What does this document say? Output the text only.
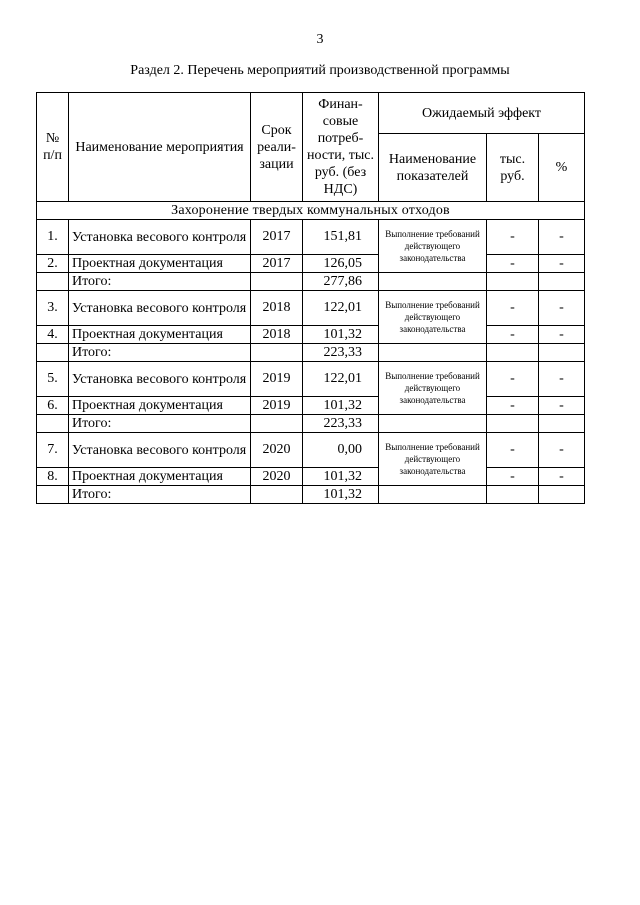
3
Раздел 2. Перечень мероприятий производственной программы
№ п/п	Наименование мероприятия	Срок реали-зации	Финан-совые потреб-ности, тыс. руб. (без НДС)	Ожидаемый эффект		
				Наименование показателей	тыс. руб.	%
Захоронение твердых коммунальных отходов						
1.	Установка весового контроля	2017	151,81	Выполнение требований действующего законодательства	-	-
2.	Проектная документация	2017	126,05		-	-
	Итого:		277,86			
3.	Установка весового контроля	2018	122,01	Выполнение требований действующего законодательства	-	-
4.	Проектная документация	2018	101,32		-	-
	Итого:		223,33			
5.	Установка весового контроля	2019	122,01	Выполнение требований действующего законодательства	-	-
6.	Проектная документация	2019	101,32		-	-
	Итого:		223,33			
7.	Установка весового контроля	2020	0,00	Выполнение требований действующего законодательства	-	-
8.	Проектная документация	2020	101,32		-	-
	Итого:		101,32			
